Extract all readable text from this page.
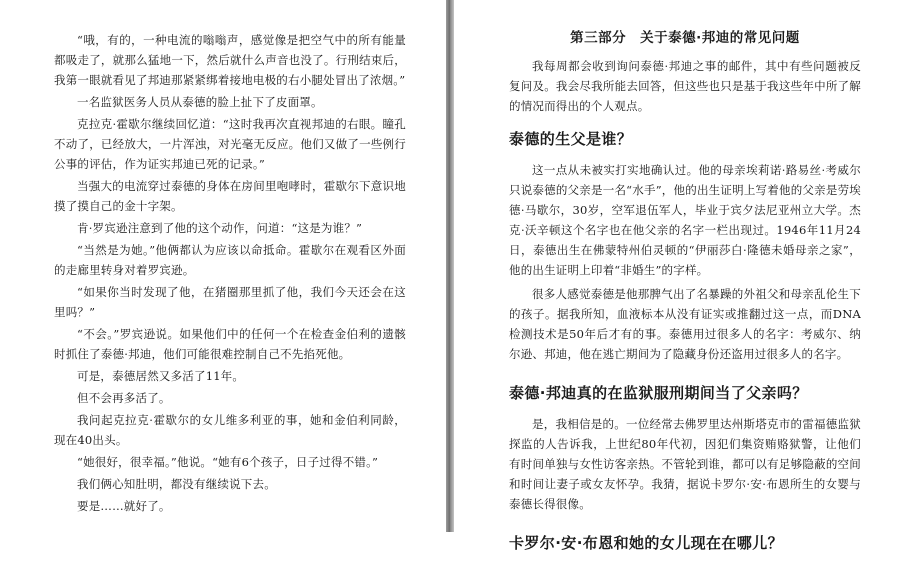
“哦，有的，一种电流的嗡嗡声，感觉像是把空气中的所有能量都吸走了，就那么猛地一下，然后就什么声音也没了。行刑结束后，我第一眼就看见了邦迪那紧紧绑着接地电极的右小腿处冒出了浓烟。”

一名监狱医务人员从泰德的脸上扯下了皮面罩。

克拉克·霍歇尔继续回忆道：“这时我再次直视邦迪的右眼。瞳孔不动了，已经放大，一片浑浊，对光毫无反应。他们又做了一些例行公事的评估，作为证实邦迪已死的记录。”

当强大的电流穿过泰德的身体在房间里咆哮时，霍歇尔下意识地摸了摸自己的金十字架。

肯·罗宾逊注意到了他的这个动作，问道：“这是为谁？”

“当然是为她。”他俩都认为应该以命抵命。霍歇尔在观看区外面的走廊里转身对着罗宾逊。

“如果你当时发现了他，在猪圈那里抓了他，我们今天还会在这里吗？”

“不会。”罗宾逊说。如果他们中的任何一个在检查金伯利的遗骸时抓住了泰德·邦迪，他们可能很难控制自己不先掐死他。

可是，泰德居然又多活了11年。

但不会再多活了。

我问起克拉克·霍歇尔的女儿维多利亚的事，她和金伯利同龄，现在40出头。

“她很好，很幸福。”他说。“她有6个孩子，日子过得不错。”

我们俩心知肚明，都没有继续说下去。

要是……就好了。

第三部分　关于泰德·邦迪的常见问题

我每周都会收到询问泰德·邦迪之事的邮件，其中有些问题被反复问及。我会尽我所能去回答，但这些也只是基于我这些年中所了解的情况而得出的个人观点。

泰德的生父是谁？

这一点从未被实打实地确认过。他的母亲埃莉诺·路易丝·考威尔只说泰德的父亲是一名“水手”，他的出生证明上写着他的父亲是劳埃德·马歇尔，30岁，空军退伍军人，毕业于宾夕法尼亚州立大学。杰克·沃辛顿这个名字也在他父亲的名字一栏出现过。1946年11月24日，泰德出生在佛蒙特州伯灵顿的“伊丽莎白·隆德未婚母亲之家”，他的出生证明上印着“非婚生”的字样。

很多人感觉泰德是他那脾气出了名暴躁的外祖父和母亲乱伦生下的孩子。据我所知，血液标本从没有证实或推翻过这一点，而DNA检测技术是50年后才有的事。泰德用过很多人的名字：考威尔、纳尔逊、邦迪，他在逃亡期间为了隐藏身份还盗用过很多人的名字。

泰德·邦迪真的在监狱服刑期间当了父亲吗？

是，我相信是的。一位经常去佛罗里达州斯塔克市的雷福德监狱探监的人告诉我，上世纪80年代初，因犯们集资贿赂狱警，让他们有时间单独与女性访客亲热。不管轮到谁，都可以有足够隐蔽的空间和时间让妻子或女友怀孕。我猜，据说卡罗尔·安·布恩所生的女婴与泰德长得很像。

卡罗尔·安·布恩和她的女儿现在在哪儿？
